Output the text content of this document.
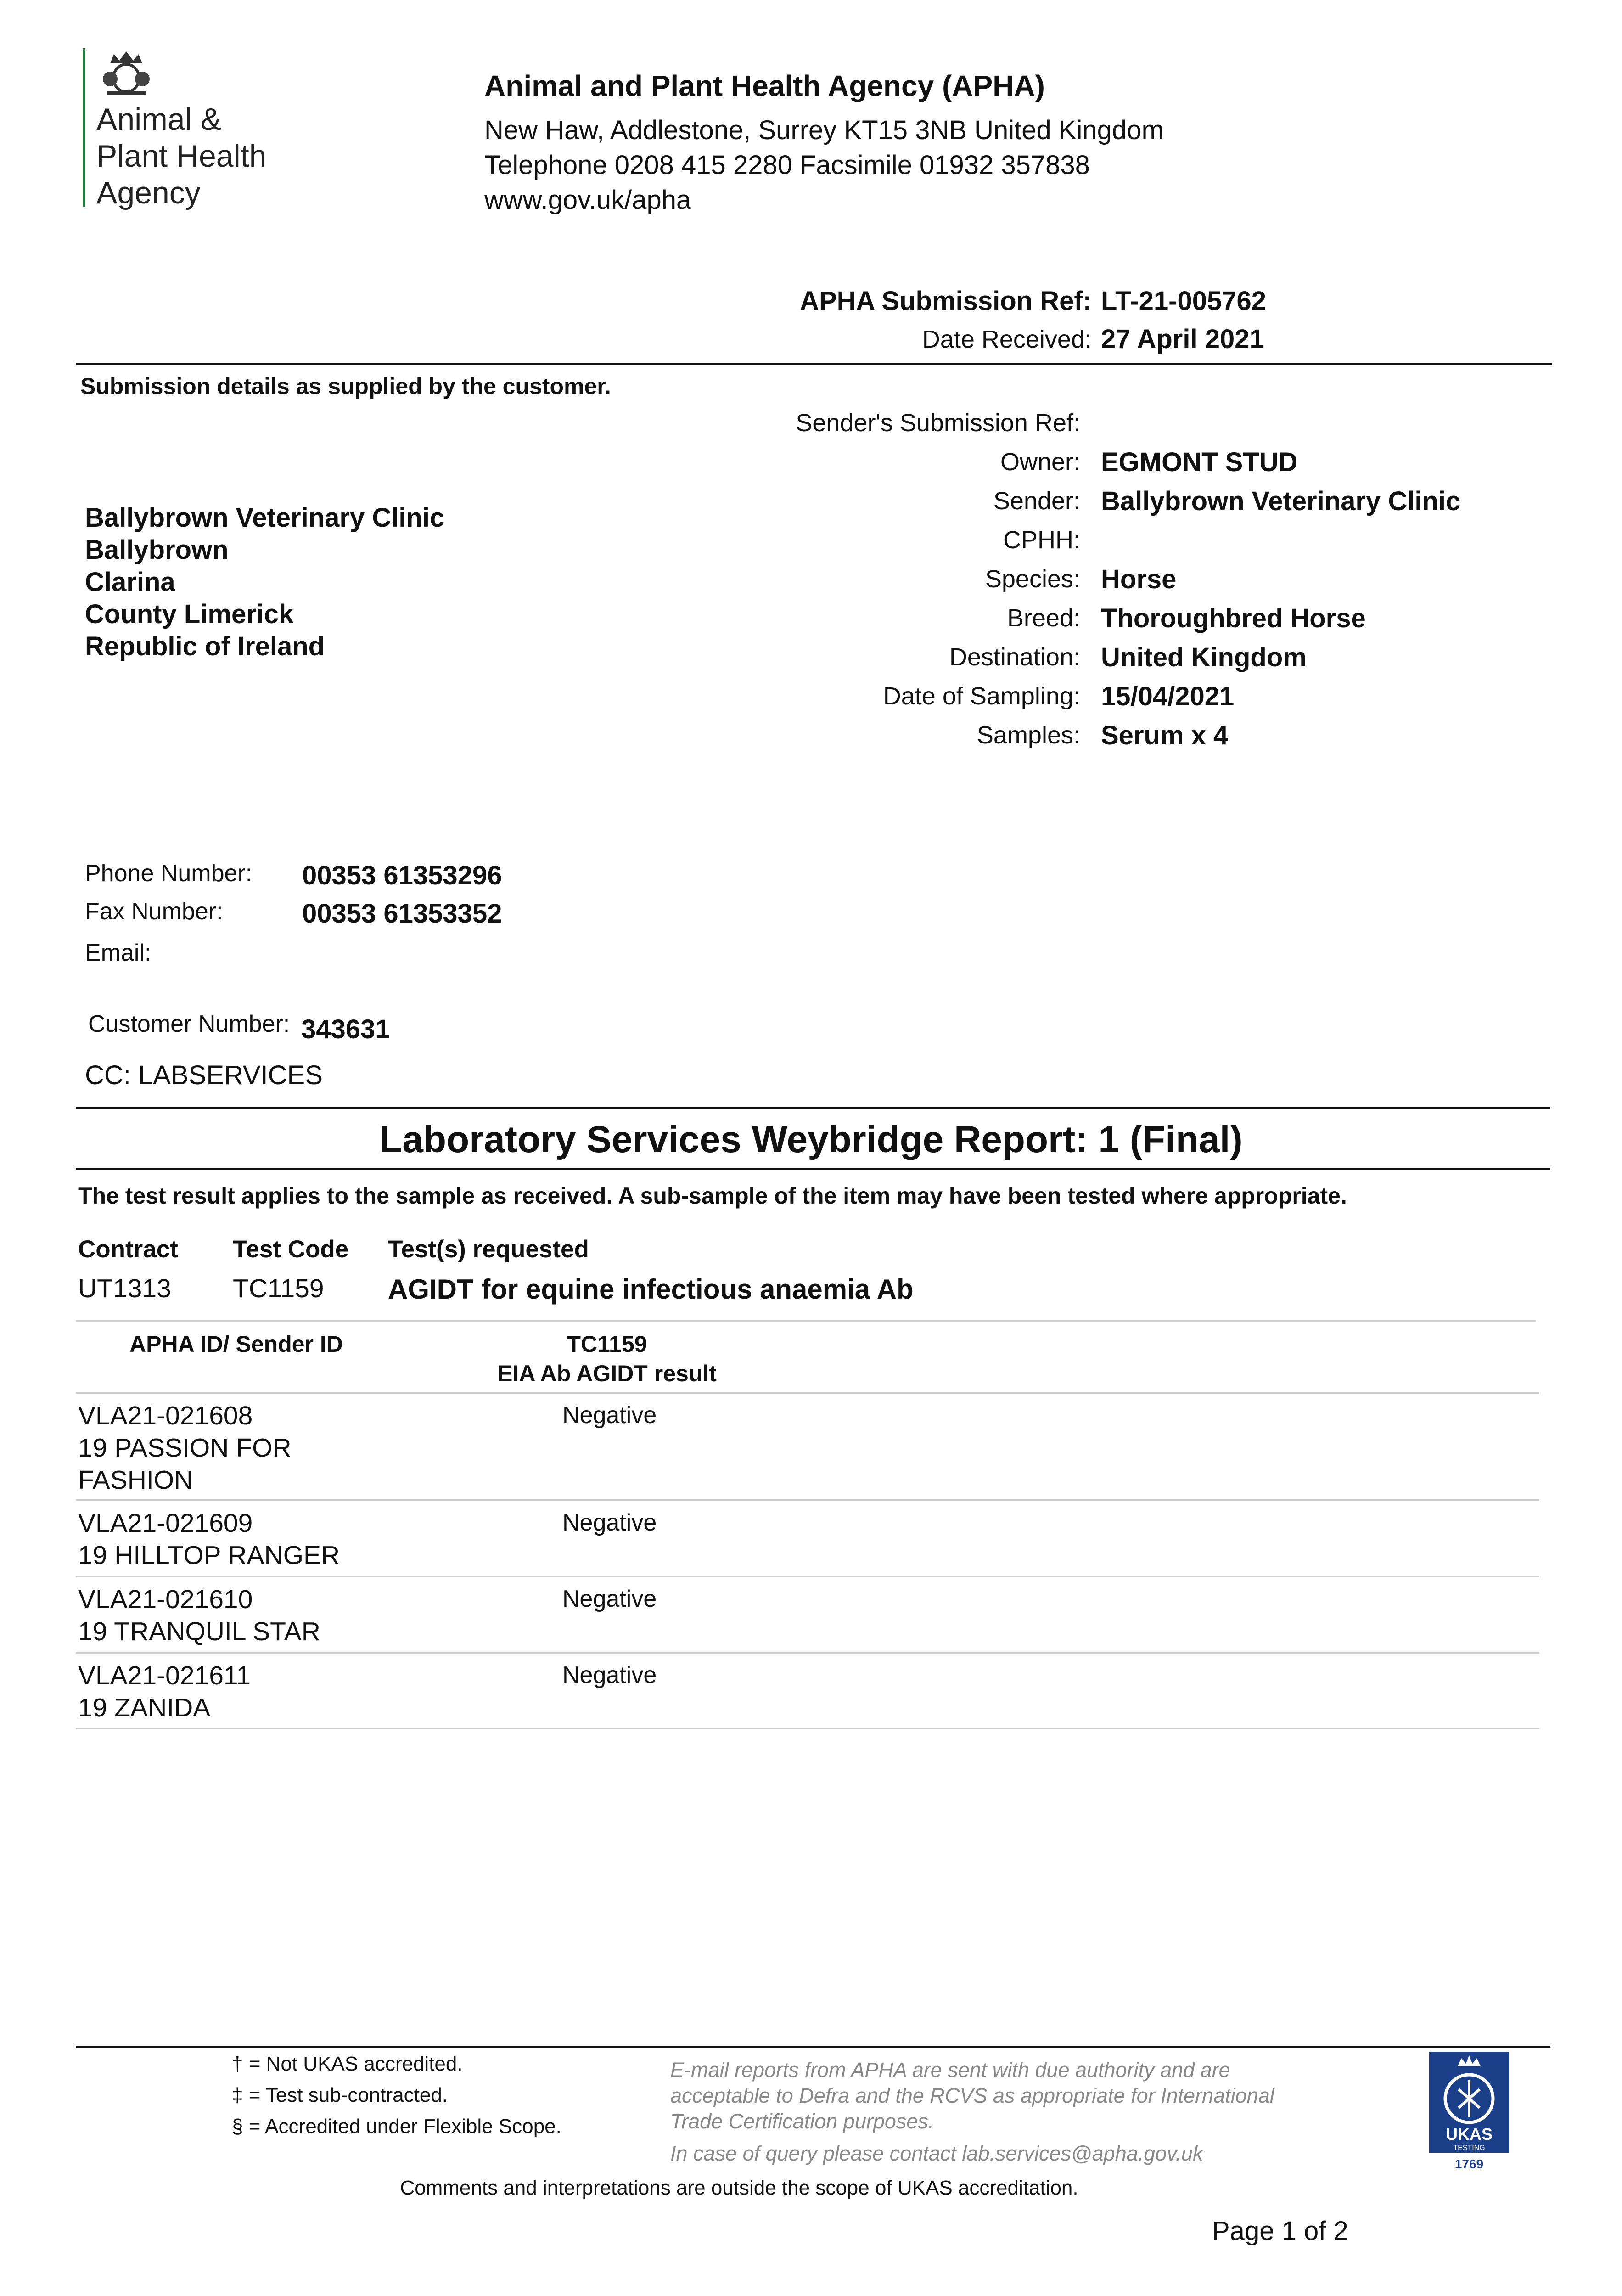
Animal &
Plant Health
Agency
Animal and Plant Health Agency (APHA)
New Haw, Addlestone, Surrey KT15 3NB United Kingdom
Telephone 0208 415 2280 Facsimile 01932 357838
www.gov.uk/apha
APHA Submission Ref: LT-21-005762
Date Received: 27 April 2021
Submission details as supplied by the customer.
Ballybrown Veterinary Clinic
Ballybrown
Clarina
County Limerick
Republic of Ireland
Sender's Submission Ref:
Owner: EGMONT STUD
Sender: Ballybrown Veterinary Clinic
CPHH:
Species: Horse
Breed: Thoroughbred Horse
Destination: United Kingdom
Date of Sampling: 15/04/2021
Samples: Serum x 4
Phone Number: 00353 61353296
Fax Number:	00353 61353352
Email:
Customer Number: 343631
CC: LABSERVICES
Laboratory Services Weybridge Report: 1 (Final)
The test result applies to the sample as received. A sub-sample of the item may have been tested where appropriate.
Contract Test Code Test(s) requested
UT1313 TC1159 AGIDT for equine infectious anaemia Ab
APHA ID/ Sender ID	TC1159
EIA Ab AGIDT result
VLA21-021608
19 PASSION FOR
FASHION
Negative
VLA21-021609
19 HILLTOP RANGER
Negative
VLA21-021610
19 TRANQUIL STAR
Negative
VLA21-021611
19 ZANIDA
Negative
† = Not UKAS accredited.
‡ = Test sub-contracted.
§ = Accredited under Flexible Scope.
E-mail reports from APHA are sent with due authority and are
acceptable to Defra and the RCVS as appropriate for International
Trade Certification purposes.
In case of query please contact lab.services@apha.gov.uk
UKAS
TESTING
1769
Comments and interpretations are outside the scope of UKAS accreditation.
Page 1 of 2
